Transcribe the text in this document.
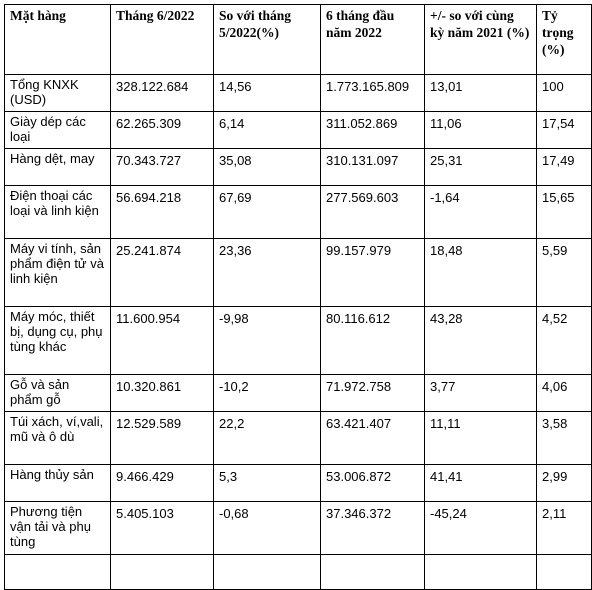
Mặt hàng	Tháng 6/2022	So với tháng 5/2022(%)	6 tháng đầu năm 2022	+/- so với cùng kỳ năm 2021 (%)	Tỷ trọng (%)
Tổng KNXK (USD)	328.122.684	14,56	1.773.165.809	13,01	100
Giày dép các loại	62.265.309	6,14	311.052.869	11,06	17,54
Hàng dệt, may	70.343.727	35,08	310.131.097	25,31	17,49
Điện thoại các loại và linh kiện	56.694.218	67,69	277.569.603	-1,64	15,65
Máy vi tính, sản phẩm điện tử và linh kiện	25.241.874	23,36	99.157.979	18,48	5,59
Máy móc, thiết bị, dụng cụ, phụ tùng khác	11.600.954	-9,98	80.116.612	43,28	4,52
Gỗ và sản phẩm gỗ	10.320.861	-10,2	71.972.758	3,77	4,06
Túi xách, ví,vali, mũ và ô dù	12.529.589	22,2	63.421.407	11,11	3,58
Hàng thủy sản	9.466.429	5,3	53.006.872	41,41	2,99
Phương tiện vận tải và phụ tùng	5.405.103	-0,68	37.346.372	-45,24	2,11
